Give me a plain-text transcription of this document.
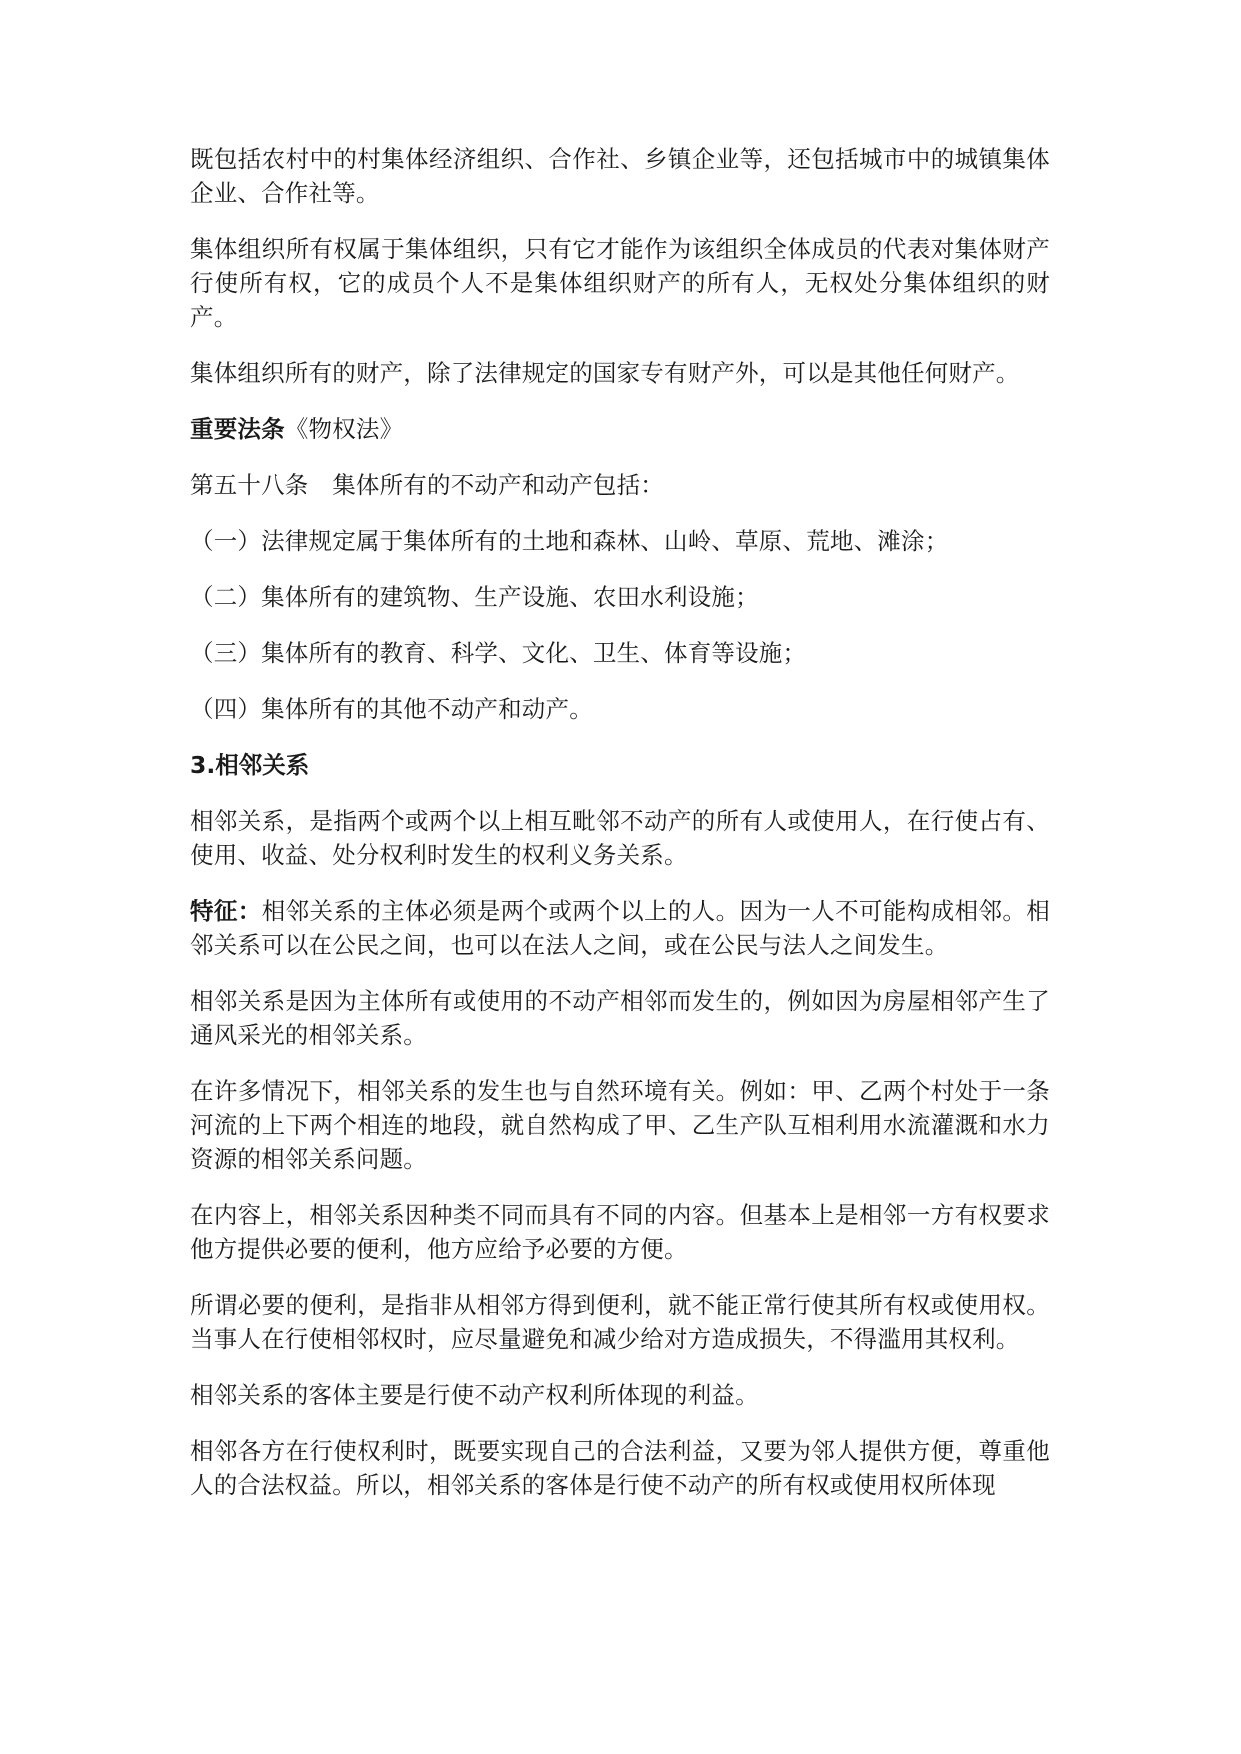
既包括农村中的村集体经济组织、合作社、乡镇企业等，还包括城市中的城镇集体企业、合作社等。

集体组织所有权属于集体组织，只有它才能作为该组织全体成员的代表对集体财产行使所有权，它的成员个人不是集体组织财产的所有人，无权处分集体组织的财产。

集体组织所有的财产，除了法律规定的国家专有财产外，可以是其他任何财产。

重要法条《物权法》

第五十八条　集体所有的不动产和动产包括：

（一）法律规定属于集体所有的土地和森林、山岭、草原、荒地、滩涂；

（二）集体所有的建筑物、生产设施、农田水利设施；

（三）集体所有的教育、科学、文化、卫生、体育等设施；

（四）集体所有的其他不动产和动产。

3.相邻关系

相邻关系，是指两个或两个以上相互毗邻不动产的所有人或使用人，在行使占有、使用、收益、处分权利时发生的权利义务关系。

特征：相邻关系的主体必须是两个或两个以上的人。因为一人不可能构成相邻。相邻关系可以在公民之间，也可以在法人之间，或在公民与法人之间发生。

相邻关系是因为主体所有或使用的不动产相邻而发生的，例如因为房屋相邻产生了通风采光的相邻关系。

在许多情况下，相邻关系的发生也与自然环境有关。例如：甲、乙两个村处于一条河流的上下两个相连的地段，就自然构成了甲、乙生产队互相利用水流灌溉和水力资源的相邻关系问题。

在内容上，相邻关系因种类不同而具有不同的内容。但基本上是相邻一方有权要求他方提供必要的便利，他方应给予必要的方便。

所谓必要的便利，是指非从相邻方得到便利，就不能正常行使其所有权或使用权。当事人在行使相邻权时，应尽量避免和减少给对方造成损失，不得滥用其权利。

相邻关系的客体主要是行使不动产权利所体现的利益。

相邻各方在行使权利时，既要实现自己的合法利益，又要为邻人提供方便，尊重他人的合法权益。所以，相邻关系的客体是行使不动产的所有权或使用权所体现
